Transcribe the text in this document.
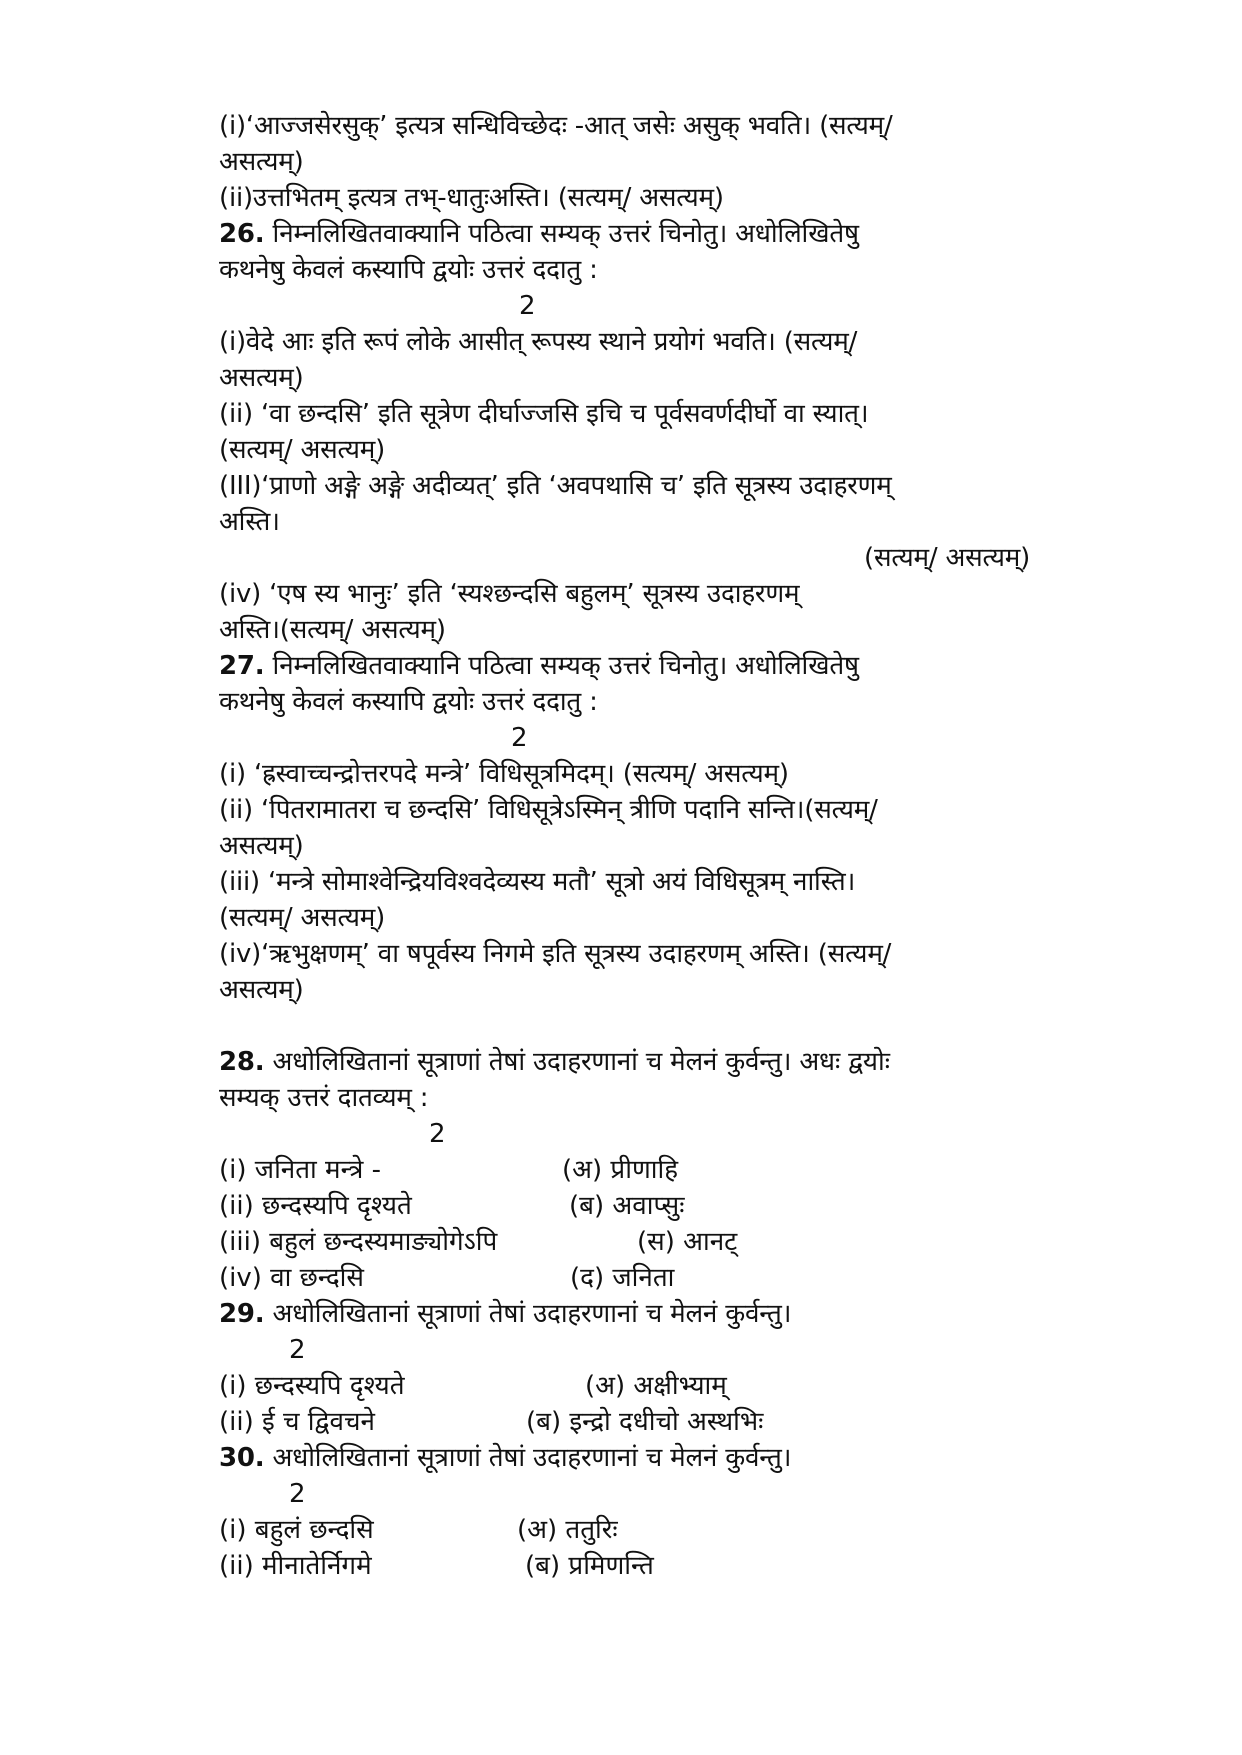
(i)‘आज्जसेरसुक्’ इत्यत्र सन्धिविच्छेदः -आत् जसेः असुक् भवति। (सत्यम्/
असत्यम्)
(ii)उत्तभितम् इत्यत्र तभ्-धातुःअस्ति। (सत्यम्/ असत्यम्)
26. निम्नलिखितवाक्यानि पठित्वा सम्यक् उत्तरं चिनोतु। अधोलिखितेषु
कथनेषु केवलं कस्यापि द्वयोः उत्तरं ददातु :
2
(i)वेदे आः इति रूपं लोके आसीत् रूपस्य स्थाने प्रयोगं भवति। (सत्यम्/
असत्यम्)
(ii) ‘वा छन्दसि’ इति सूत्रेण दीर्घाज्जसि इचि च पूर्वसवर्णदीर्घो वा स्यात्।
(सत्यम्/ असत्यम्)
(III)‘प्राणो अङ्गे अङ्गे अदीव्यत्’ इति ‘अवपथासि च’ इति सूत्रस्य उदाहरणम्
अस्ति।
(सत्यम्/ असत्यम्)
(iv) ‘एष स्य भानुः’ इति ‘स्यश्छन्दसि बहुलम्’ सूत्रस्य उदाहरणम्
अस्ति।(सत्यम्/ असत्यम्)
27. निम्नलिखितवाक्यानि पठित्वा सम्यक् उत्तरं चिनोतु। अधोलिखितेषु
कथनेषु केवलं कस्यापि द्वयोः उत्तरं ददातु :
2
(i) ‘ह्रस्वाच्चन्द्रोत्तरपदे मन्त्रे’ विधिसूत्रमिदम्। (सत्यम्/ असत्यम्)
(ii) ‘पितरामातरा च छन्दसि’ विधिसूत्रेऽस्मिन् त्रीणि पदानि सन्ति।(सत्यम्/
असत्यम्)
(iii) ‘मन्त्रे सोमाश्वेन्द्रियविश्वदेव्यस्य मतौ’ सूत्रो अयं विधिसूत्रम् नास्ति।
(सत्यम्/ असत्यम्)
(iv)‘ऋभुक्षणम्’ वा षपूर्वस्य निगमे इति सूत्रस्य उदाहरणम् अस्ति। (सत्यम्/
असत्यम्)
28. अधोलिखितानां सूत्राणां तेषां उदाहरणानां च मेलनं कुर्वन्तु। अधः द्वयोः
सम्यक् उत्तरं दातव्यम् :
2
(i) जनिता मन्त्रे -	(अ) प्रीणाहि
(ii) छन्दस्यपि दृश्यते	(ब) अवाप्सुः
(iii) बहुलं छन्दस्यमाङ्योगेऽपि	(स) आनट्
(iv) वा छन्दसि	(द) जनिता
29. अधोलिखितानां सूत्राणां तेषां उदाहरणानां च मेलनं कुर्वन्तु।
2
(i) छन्दस्यपि दृश्यते	(अ) अक्षीभ्याम्
(ii) ई च द्विवचने	(ब) इन्द्रो दधीचो अस्थभिः
30. अधोलिखितानां सूत्राणां तेषां उदाहरणानां च मेलनं कुर्वन्तु।
2
(i) बहुलं छन्दसि	(अ) ततुरिः
(ii) मीनातेर्निगमे	(ब) प्रमिणन्ति
